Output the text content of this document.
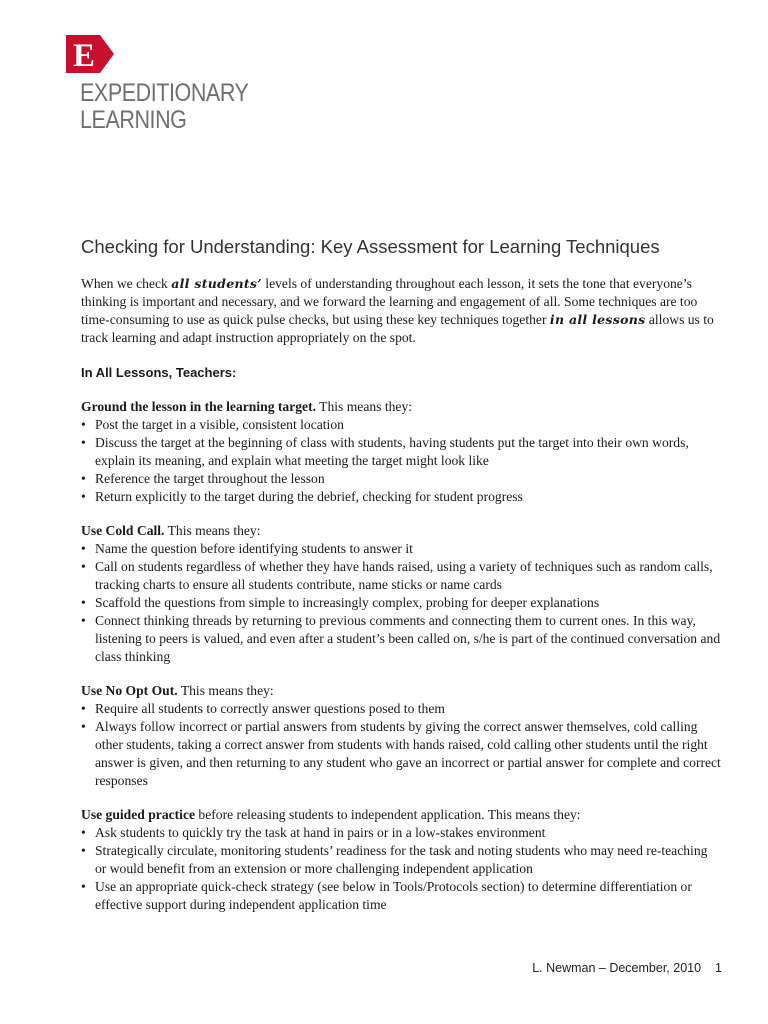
E
EXPEDITIONARY
LEARNING
Checking for Understanding: Key Assessment for Learning Techniques

When we check all students’ levels of understanding throughout each lesson, it sets the tone that everyone’s thinking is important and necessary, and we forward the learning and engagement of all. Some techniques are too time-consuming to use as quick pulse checks, but using these key techniques together in all lessons allows us to track learning and adapt instruction appropriately on the spot.

In All Lessons, Teachers:

Ground the lesson in the learning target. This means they:

• Post the target in a visible, consistent location
• Discuss the target at the beginning of class with students, having students put the target into their own words, explain its meaning, and explain what meeting the target might look like
• Reference the target throughout the lesson
• Return explicitly to the target during the debrief, checking for student progress

Use Cold Call. This means they:

• Name the question before identifying students to answer it
• Call on students regardless of whether they have hands raised, using a variety of techniques such as random calls, tracking charts to ensure all students contribute, name sticks or name cards
• Scaffold the questions from simple to increasingly complex, probing for deeper explanations
• Connect thinking threads by returning to previous comments and connecting them to current ones. In this way, listening to peers is valued, and even after a student’s been called on, s/he is part of the continued conversation and class thinking

Use No Opt Out. This means they:

• Require all students to correctly answer questions posed to them
• Always follow incorrect or partial answers from students by giving the correct answer themselves, cold calling other students, taking a correct answer from students with hands raised, cold calling other students until the right answer is given, and then returning to any student who gave an incorrect or partial answer for complete and correct responses

Use guided practice before releasing students to independent application. This means they:

• Ask students to quickly try the task at hand in pairs or in a low-stakes environment
• Strategically circulate, monitoring students’ readiness for the task and noting students who may need re-teaching or would benefit from an extension or more challenging independent application
• Use an appropriate quick-check strategy (see below in Tools/Protocols section) to determine differentiation or effective support during independent application time
L. Newman – December, 2010 1
